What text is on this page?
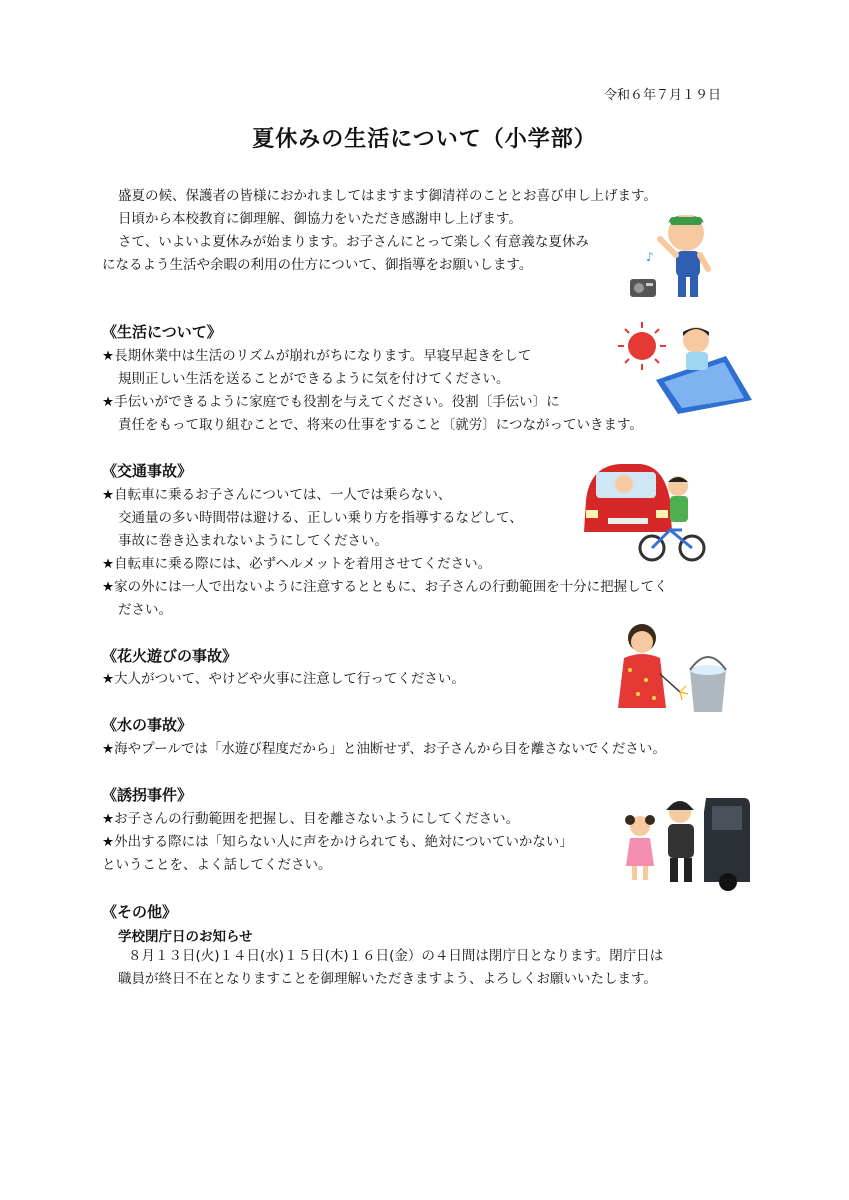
令和６年７月１９日
夏休みの生活について（小学部）
盛夏の候、保護者の皆様におかれましてはますます御清祥のこととお喜び申し上げます。
日頃から本校教育に御理解、御協力をいただき感謝申し上げます。
さて、いよいよ夏休みが始まります。お子さんにとって楽しく有意義な夏休み
になるよう生活や余暇の利用の仕方について、御指導をお願いします。
《生活について》
★長期休業中は生活のリズムが崩れがちになります。早寝早起きをして
規則正しい生活を送ることができるように気を付けてください。
★手伝いができるように家庭でも役割を与えてください。役割〔手伝い〕に
責任をもって取り組むことで、将来の仕事をすること〔就労〕につながっていきます。
《交通事故》
★自転車に乗るお子さんについては、一人では乗らない、
交通量の多い時間帯は避ける、正しい乗り方を指導するなどして、
事故に巻き込まれないようにしてください。
★自転車に乗る際には、必ずヘルメットを着用させてください。
★家の外には一人で出ないように注意するとともに、お子さんの行動範囲を十分に把握してく
ださい。
《花火遊びの事故》
★大人がついて、やけどや火事に注意して行ってください。
《水の事故》
★海やプールでは「水遊び程度だから」と油断せず、お子さんから目を離さないでください。
《誘拐事件》
★お子さんの行動範囲を把握し、目を離さないようにしてください。
★外出する際には「知らない人に声をかけられても、絶対についていかない」
ということを、よく話してください。
《その他》
学校閉庁日のお知らせ
８月１３日(火)１４日(水)１５日(木)１６日(金）の４日間は閉庁日となります。閉庁日は
職員が終日不在となりますことを御理解いただきますよう、よろしくお願いいたします。
♪
